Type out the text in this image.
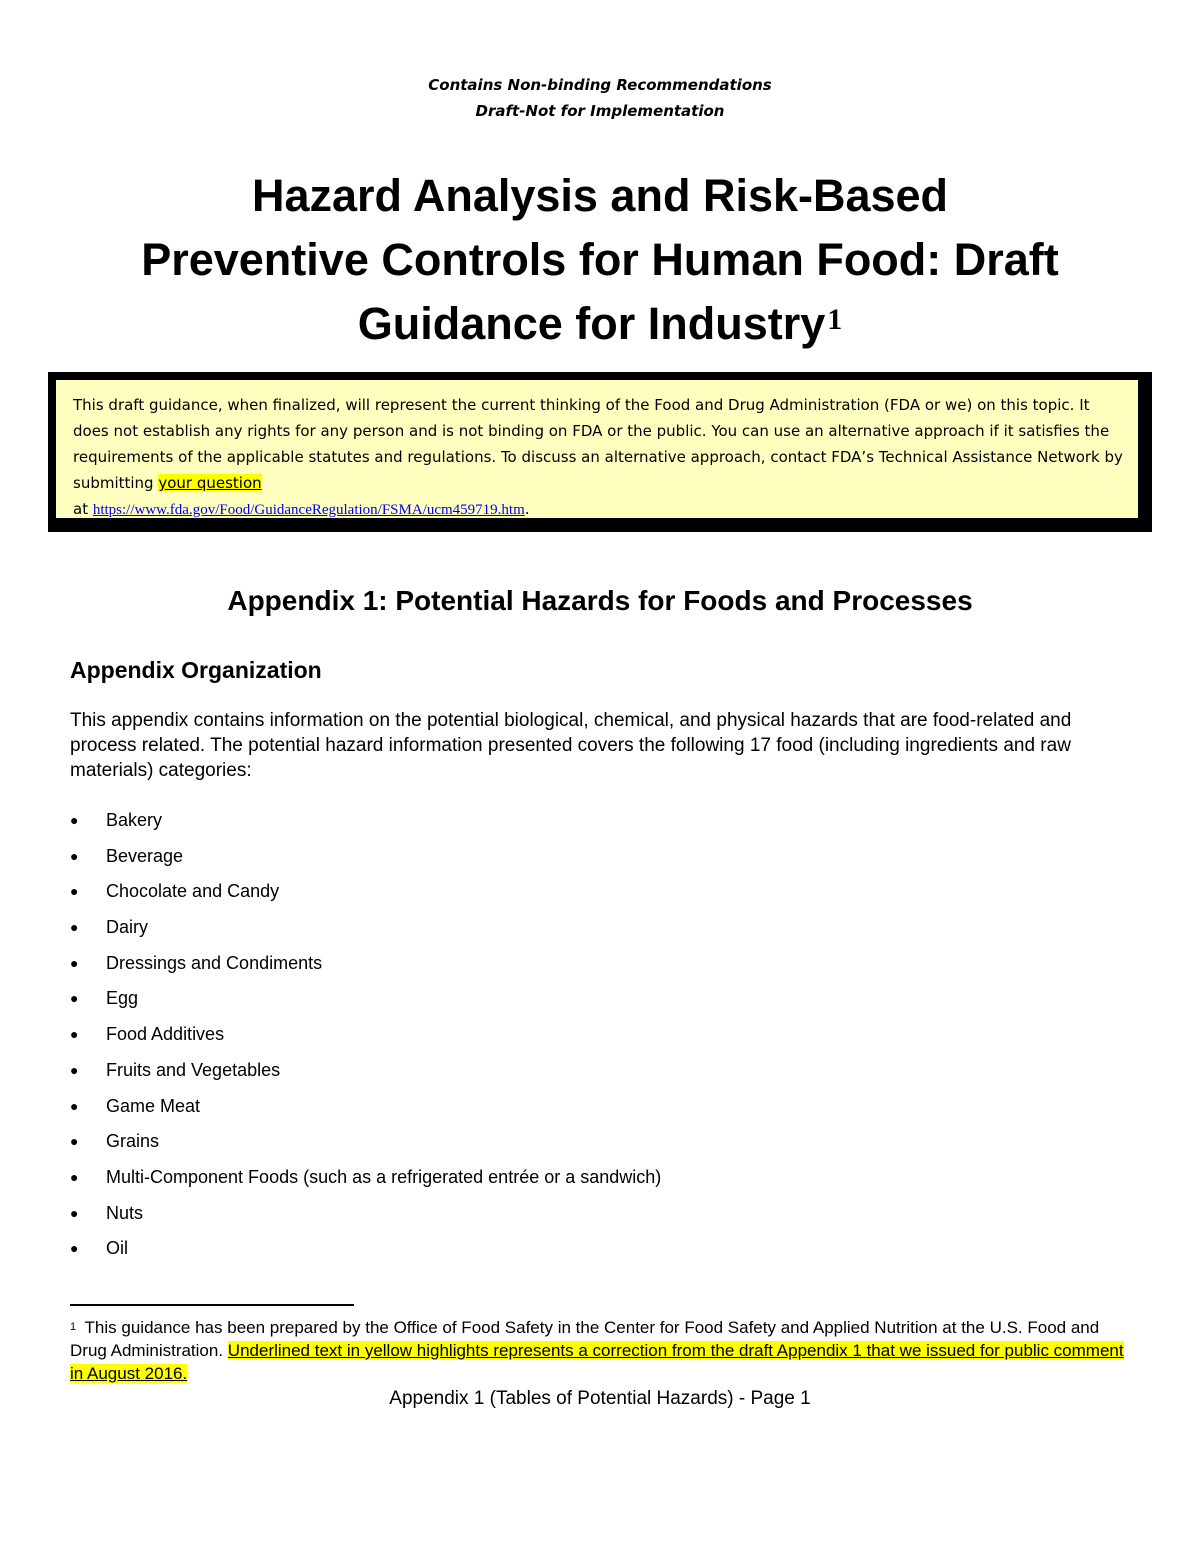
Contains Non-binding Recommendations
Draft-Not for Implementation
Hazard Analysis and Risk-Based
Preventive Controls for Human Food: Draft
Guidance for Industry$^1$
This draft guidance, when finalized, will represent the current thinking of the Food and Drug Administration (FDA or we) on this topic. It does not establish any rights for any person and is not binding on FDA or the public. You can use an alternative approach if it satisfies the requirements of the applicable statutes and regulations. To discuss an alternative approach, contact FDA’s Technical Assistance Network by submitting your question
at https://www.fda.gov/Food/GuidanceRegulation/FSMA/ucm459719.htm.
Appendix 1: Potential Hazards for Foods and Processes
Appendix Organization
This appendix contains information on the potential biological, chemical, and physical hazards that are food-related and process related. The potential hazard information presented covers the following 17 food (including ingredients and raw materials) categories:
●	Bakery
●	Beverage
●	Chocolate and Candy
●	Dairy
●	Dressings and Condiments
●	Egg
●	Food Additives
●	Fruits and Vegetables
●	Game Meat
●	Grains
●	Multi-Component Foods (such as a refrigerated entrée or a sandwich)
●	Nuts
●	Oil
$^1$ This guidance has been prepared by the Office of Food Safety in the Center for Food Safety and Applied Nutrition at the U.S. Food and Drug Administration. Underlined text in yellow highlights represents a correction from the draft Appendix 1 that we issued for public comment in August 2016.
Appendix 1 (Tables of Potential Hazards) - Page 1
